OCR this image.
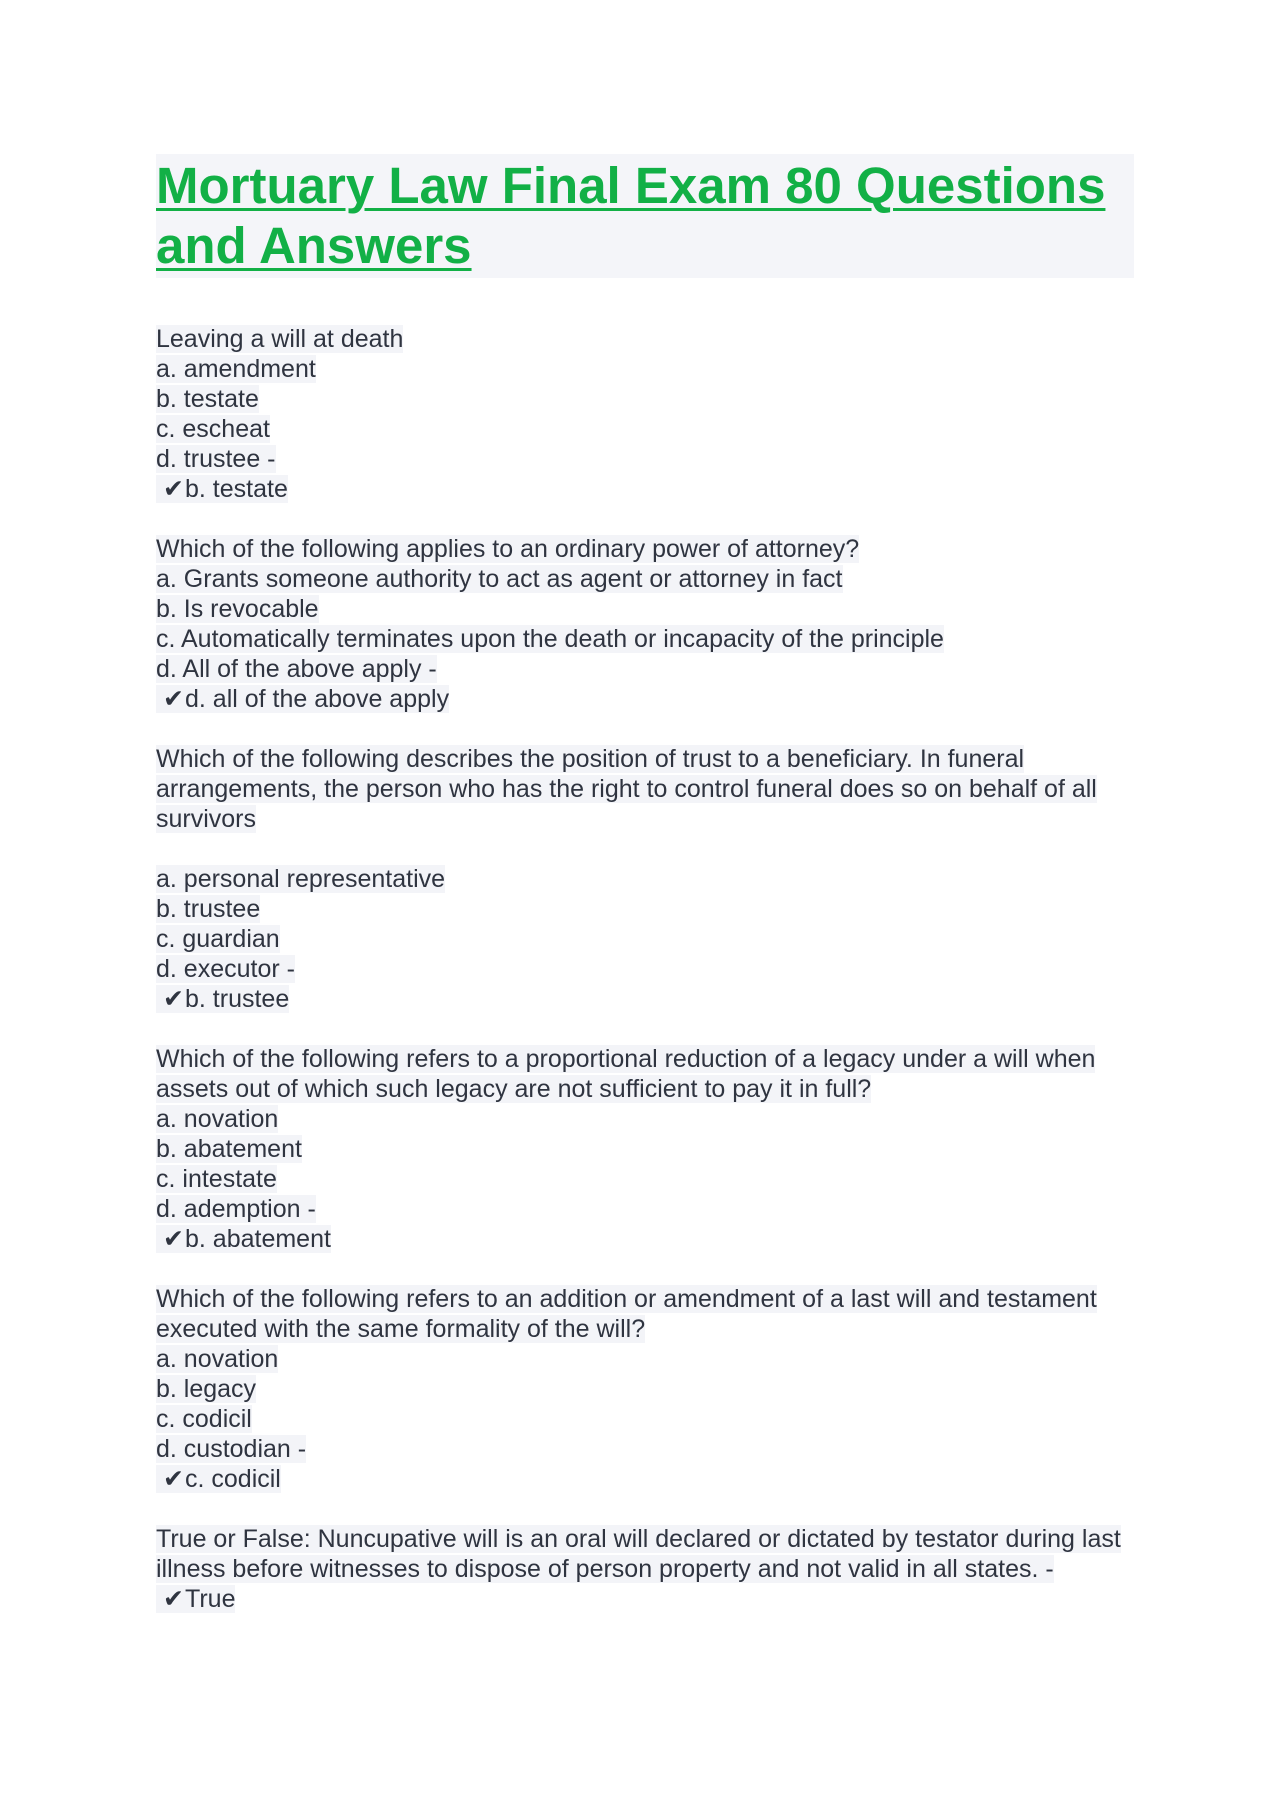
Mortuary Law Final Exam 80 Questions and Answers
Leaving a will at death
a. amendment
b. testate
c. escheat
d. trustee -
✔b. testate
Which of the following applies to an ordinary power of attorney?
a. Grants someone authority to act as agent or attorney in fact
b. Is revocable
c. Automatically terminates upon the death or incapacity of the principle
d. All of the above apply -
✔d. all of the above apply
Which of the following describes the position of trust to a beneficiary. In funeral arrangements, the person who has the right to control funeral does so on behalf of all survivors
a. personal representative
b. trustee
c. guardian
d. executor -
✔b. trustee
Which of the following refers to a proportional reduction of a legacy under a will when assets out of which such legacy are not sufficient to pay it in full?
a. novation
b. abatement
c. intestate
d. ademption -
✔b. abatement
Which of the following refers to an addition or amendment of a last will and testament executed with the same formality of the will?
a. novation
b. legacy
c. codicil
d. custodian -
✔c. codicil
True or False: Nuncupative will is an oral will declared or dictated by testator during last illness before witnesses to dispose of person property and not valid in all states. -
✔True
